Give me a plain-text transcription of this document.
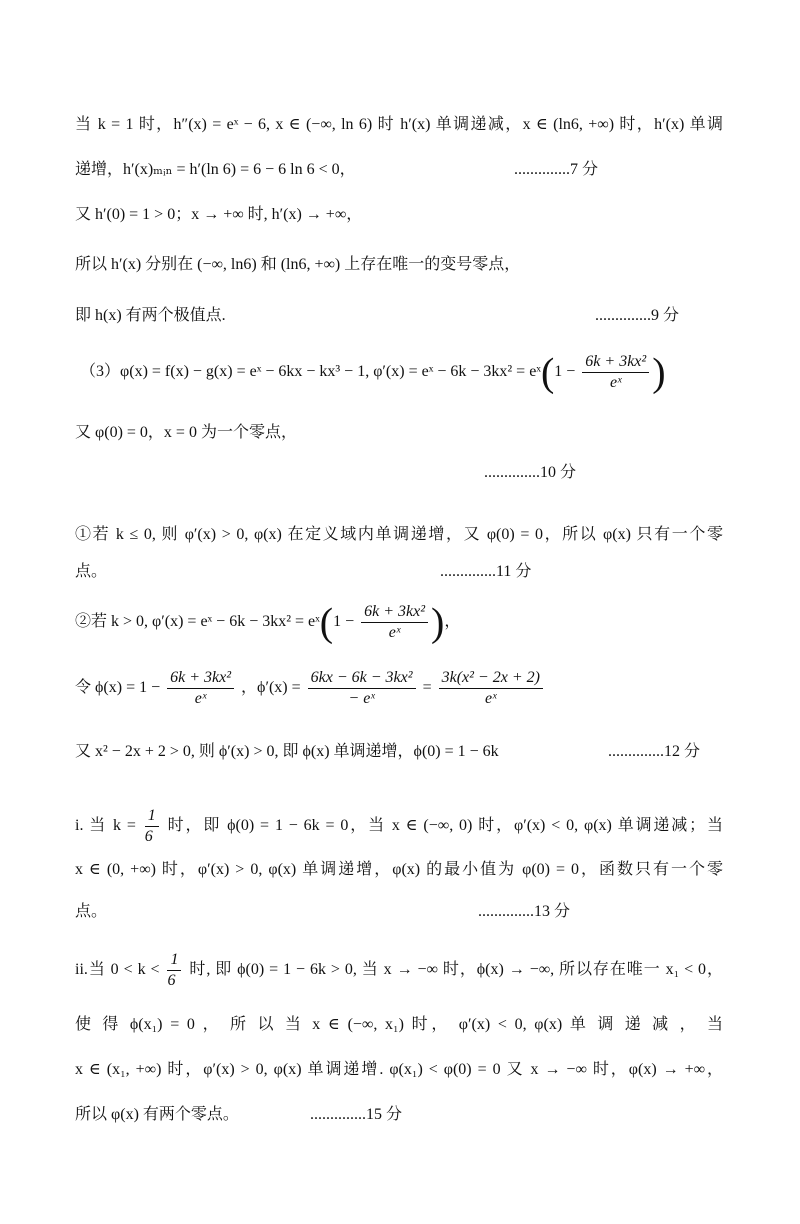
当 k = 1 时，h″(x) = eˣ − 6, x ∈ (−∞, ln 6) 时 h′(x) 单调递减，x ∈ (ln6, +∞) 时，h′(x) 单调
递增，h′(x)ₘᵢₙ = h′(ln 6) = 6 − 6 ln 6 < 0，	..............7 分
又 h′(0) = 1 > 0；x → +∞ 时, h′(x) → +∞，
所以 h′(x) 分别在 (−∞, ln6) 和 (ln6, +∞) 上存在唯一的变号零点，
即 h(x) 有两个极值点.	..............9 分
（3）φ(x) = f(x) − g(x) = eˣ − 6kx − kx³ − 1, φ′(x) = eˣ − 6k − 3kx² = eˣ(1 − $\frac{\text{6k + 3kx²}}{\text{eˣ}}$ )
又 φ(0) = 0，x = 0 为一个零点，
..............10 分
①若 k ≤ 0, 则 φ′(x) > 0, φ(x) 在定义域内单调递增，又 φ(0) = 0，所以 φ(x) 只有一个零
点。	..............11 分
②若 k > 0, φ′(x) = eˣ − 6k − 3kx² = eˣ(1 − $\frac{\text{6k + 3kx²}}{\text{eˣ}}$ )，
令 $\phi(x) = 1 - \frac{\text{6k + 3kx²}}{\text{eˣ}}$ ，$\phi'(x) = \frac{\text{6kx − 6k − 3kx²}}{\text{− eˣ}} = \frac{\text{3k(x² − 2x + 2)}}{\text{eˣ}}$
又 x² − 2x + 2 > 0, 则 ϕ′(x) > 0, 即 ϕ(x) 单调递增，ϕ(0) = 1 − 6k	..............12 分
i. 当 $k = \frac{1}{6}$ 时，即 ϕ(0) = 1 − 6k = 0，当 x ∈ (−∞, 0) 时，φ′(x) < 0, φ(x) 单调递减；当
x ∈ (0, +∞) 时，φ′(x) > 0, φ(x) 单调递增，φ(x) 的最小值为 φ(0) = 0，函数只有一个零
点。	..............13 分
ii.当 $0 < k < \frac{1}{6}$ 时, 即 ϕ(0) = 1 − 6k > 0, 当 x → −∞ 时，ϕ(x) → −∞, 所以存在唯一 x₁ < 0，
使 得 ϕ(x₁) = 0 ， 所 以 当 x ∈ (−∞, x₁) 时， φ′(x) < 0, φ(x) 单 调 递 减 ， 当
x ∈ (x₁, +∞) 时，φ′(x) > 0, φ(x) 单调递增. φ(x₁) < φ(0) = 0 又 x → −∞ 时，φ(x) → +∞，
所以 φ(x) 有两个零点。	..............15 分
